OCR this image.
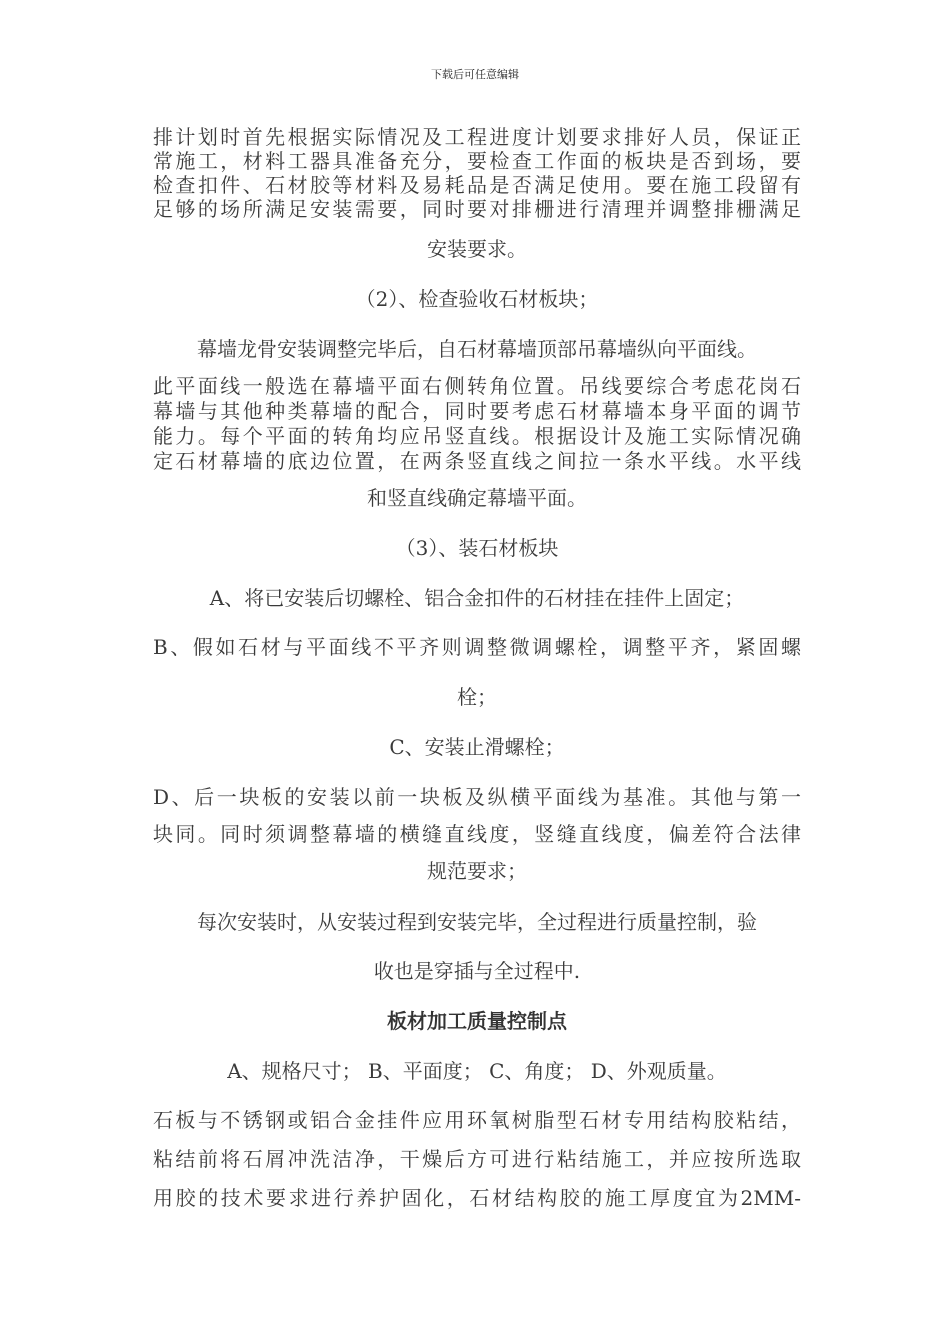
下载后可任意编辑
排计划时首先根据实际情况及工程进度计划要求排好人员，保证正
常施工，材料工器具准备充分，要检查工作面的板块是否到场，要
检查扣件、石材胶等材料及易耗品是否满足使用。要在施工段留有
足够的场所满足安装需要，同时要对排栅进行清理并调整排栅满足
安装要求。
（2）、检查验收石材板块；
幕墙龙骨安装调整完毕后，自石材幕墙顶部吊幕墙纵向平面线。
此平面线一般选在幕墙平面右侧转角位置。吊线要综合考虑花岗石
幕墙与其他种类幕墙的配合，同时要考虑石材幕墙本身平面的调节
能力。每个平面的转角均应吊竖直线。根据设计及施工实际情况确
定石材幕墙的底边位置，在两条竖直线之间拉一条水平线。水平线
和竖直线确定幕墙平面。
（3）、装石材板块
A、将已安装后切螺栓、铝合金扣件的石材挂在挂件上固定；
B、假如石材与平面线不平齐则调整微调螺栓，调整平齐，紧固螺
栓；
C、安装止滑螺栓；
D、后一块板的安装以前一块板及纵横平面线为基准。其他与第一
块同。同时须调整幕墙的横缝直线度，竖缝直线度，偏差符合法律
规范要求；
每次安装时，从安装过程到安装完毕，全过程进行质量控制，验
收也是穿插与全过程中.
板材加工质量控制点
A、规格尺寸； B、平面度； C、角度； D、外观质量。
石板与不锈钢或铝合金挂件应用环氧树脂型石材专用结构胶粘结，
粘结前将石屑冲洗洁净，干燥后方可进行粘结施工，并应按所选取
用胶的技术要求进行养护固化，石材结构胶的施工厚度宜为2MM-
